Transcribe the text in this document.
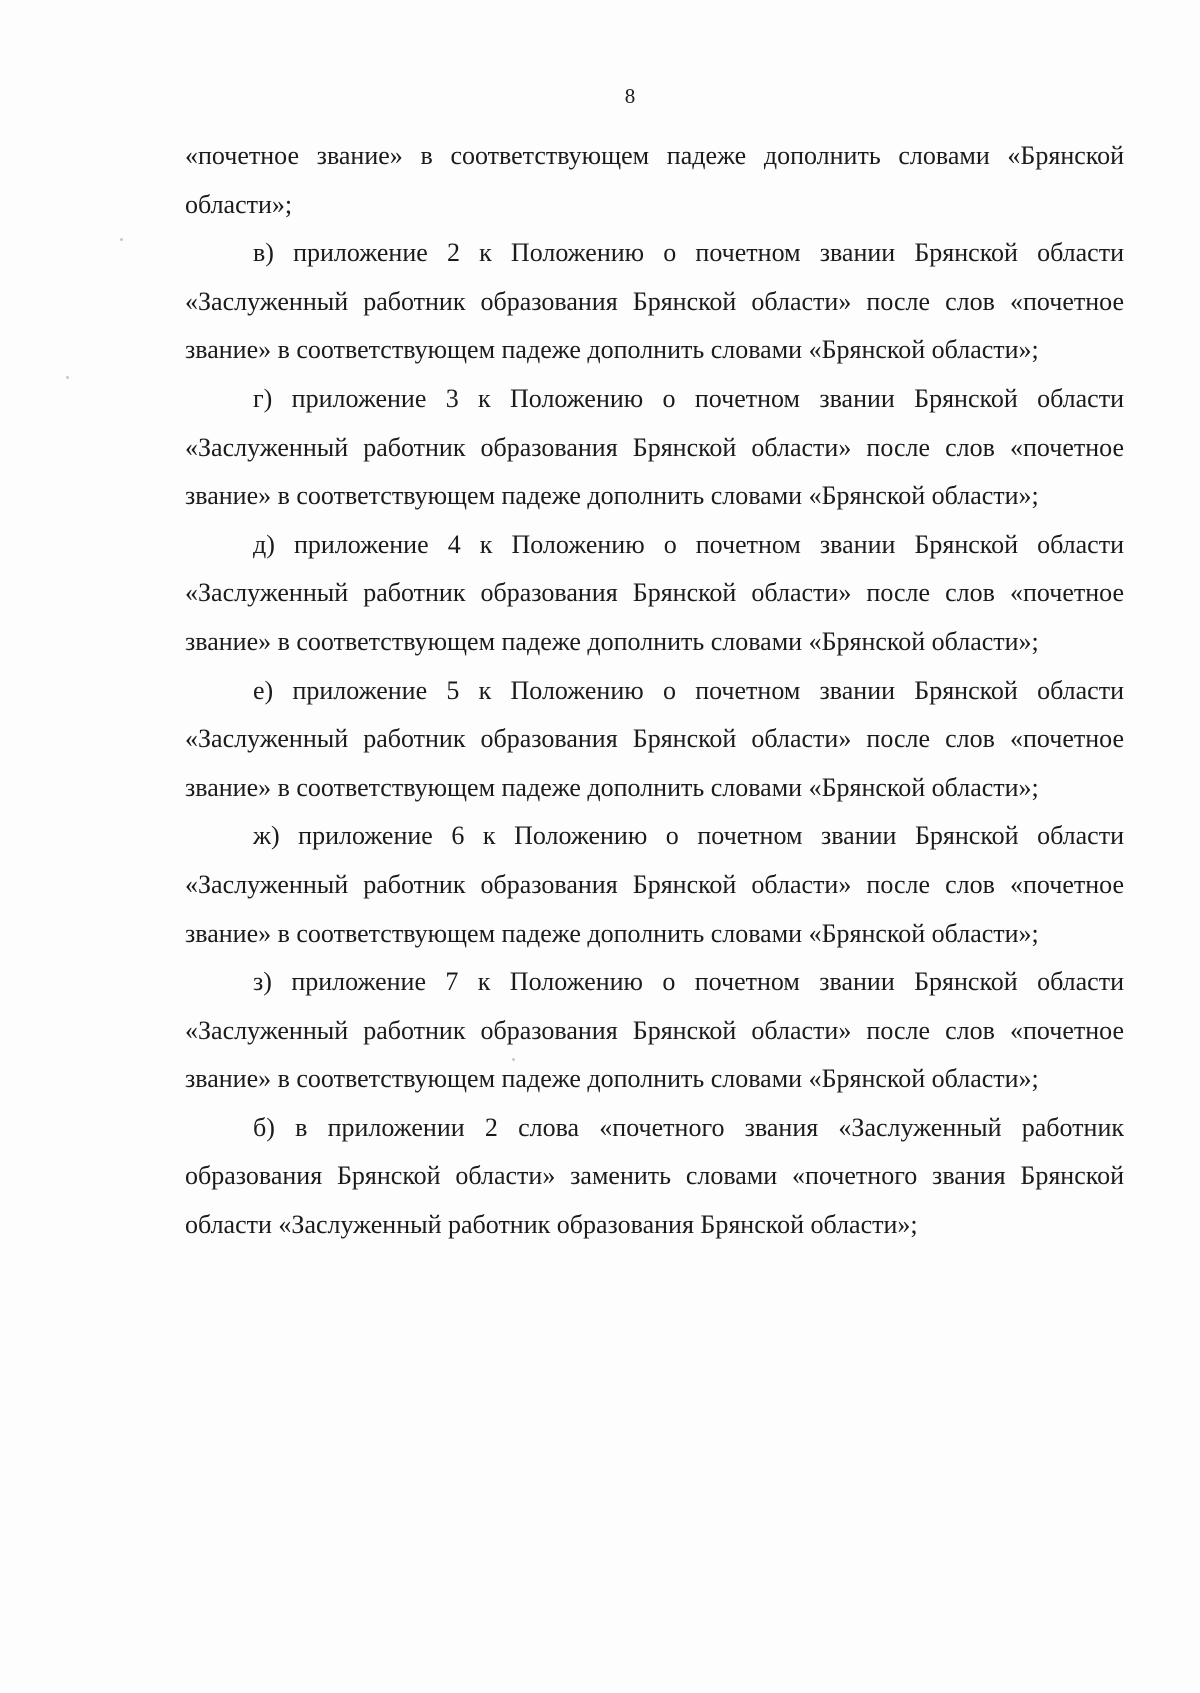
8

«почетное звание» в соответствующем падеже дополнить словами «Брянской области»;

в) приложение 2 к Положению о почетном звании Брянской области «Заслуженный работник образования Брянской области» после слов «почетное звание» в соответствующем падеже дополнить словами «Брянской области»;

г) приложение 3 к Положению о почетном звании Брянской области «Заслуженный работник образования Брянской области» после слов «почетное звание» в соответствующем падеже дополнить словами «Брянской области»;

д) приложение 4 к Положению о почетном звании Брянской области «Заслуженный работник образования Брянской области» после слов «почетное звание» в соответствующем падеже дополнить словами «Брянской области»;

е) приложение 5 к Положению о почетном звании Брянской области «Заслуженный работник образования Брянской области» после слов «почетное звание» в соответствующем падеже дополнить словами «Брянской области»;

ж) приложение 6 к Положению о почетном звании Брянской области «Заслуженный работник образования Брянской области» после слов «почетное звание» в соответствующем падеже дополнить словами «Брянской области»;

з) приложение 7 к Положению о почетном звании Брянской области «Заслуженный работник образования Брянской области» после слов «почетное звание» в соответствующем падеже дополнить словами «Брянской области»;

б) в приложении 2 слова «почетного звания «Заслуженный работник образования Брянской области» заменить словами «почетного звания Брянской области «Заслуженный работник образования Брянской области»;
